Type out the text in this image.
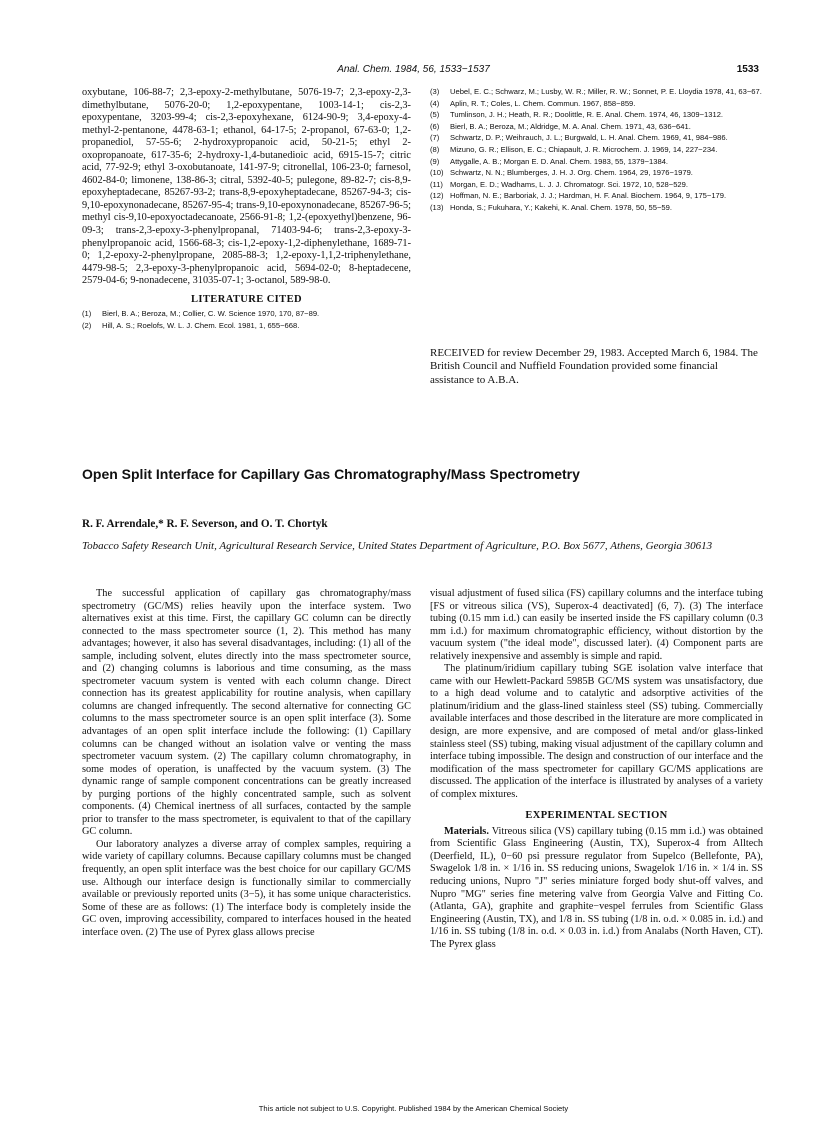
Anal. Chem. 1984, 56, 1533−1537	1533

oxybutane, 106-88-7; 2,3-epoxy-2-methylbutane, 5076-19-7; 2,3-epoxy-2,3-dimethylbutane, 5076-20-0; 1,2-epoxypentane, 1003-14-1; cis-2,3-epoxypentane, 3203-99-4; cis-2,3-epoxyhexane, 6124-90-9; 3,4-epoxy-4-methyl-2-pentanone, 4478-63-1; ethanol, 64-17-5; 2-propanol, 67-63-0; 1,2-propanediol, 57-55-6; 2-hydroxypropanoic acid, 50-21-5; ethyl 2-oxopropanoate, 617-35-6; 2-hydroxy-1,4-butanedioic acid, 6915-15-7; citric acid, 77-92-9; ethyl 3-oxobutanoate, 141-97-9; citronellal, 106-23-0; farnesol, 4602-84-0; limonene, 138-86-3; citral, 5392-40-5; pulegone, 89-82-7; cis-8,9-epoxyheptadecane, 85267-93-2; trans-8,9-epoxyheptadecane, 85267-94-3; cis-9,10-epoxynonadecane, 85267-95-4; trans-9,10-epoxynonadecane, 85267-96-5; methyl cis-9,10-epoxyoctadecanoate, 2566-91-8; 1,2-(epoxyethyl)benzene, 96-09-3; trans-2,3-epoxy-3-phenylpropanal, 71403-94-6; trans-2,3-epoxy-3-phenylpropanoic acid, 1566-68-3; cis-1,2-epoxy-1,2-diphenylethane, 1689-71-0; 1,2-epoxy-2-phenylpropane, 2085-88-3; 1,2-epoxy-1,1,2-triphenylethane, 4479-98-5; 2,3-epoxy-3-phenylpropanoic acid, 5694-02-0; 8-heptadecene, 2579-04-6; 9-nonadecene, 31035-07-1; 3-octanol, 589-98-0.

LITERATURE CITED
(1)	Bierl, B. A.; Beroza, M.; Collier, C. W. Science 1970, 170, 87−89.
(2)	Hill, A. S.; Roelofs, W. L. J. Chem. Ecol. 1981, 1, 655−668.
(3)	Uebel, E. C.; Schwarz, M.; Lusby, W. R.; Miller, R. W.; Sonnet, P. E. Lloydia 1978, 41, 63−67.
(4)	Aplin, R. T.; Coles, L. Chem. Commun. 1967, 858−859.
(5)	Tumlinson, J. H.; Heath, R. R.; Doolittle, R. E. Anal. Chem. 1974, 46, 1309−1312.
(6)	Bierl, B. A.; Beroza, M.; Aldridge, M. A. Anal. Chem. 1971, 43, 636−641.
(7)	Schwartz, D. P.; Weihrauch, J. L.; Burgwald, L. H. Anal. Chem. 1969, 41, 984−986.
(8)	Mizuno, G. R.; Ellison, E. C.; Chiapault, J. R. Microchem. J. 1969, 14, 227−234.
(9)	Attygalle, A. B.; Morgan E. D. Anal. Chem. 1983, 55, 1379−1384.
(10) Schwartz, N. N.; Blumberges, J. H. J. Org. Chem. 1964, 29, 1976−1979.
(11) Morgan, E. D.; Wadhams, L. J. J. Chromatogr. Sci. 1972, 10, 528−529.
(12) Hoffman, N. E.; Barboriak, J. J.; Hardman, H. F. Anal. Biochem. 1964, 9, 175−179.
(13) Honda, S.; Fukuhara, Y.; Kakehi, K. Anal. Chem. 1978, 50, 55−59.

RECEIVED for review December 29, 1983. Accepted March 6, 1984. The British Council and Nuffield Foundation provided some financial assistance to A.B.A.

Open Split Interface for Capillary Gas Chromatography/Mass Spectrometry
R. F. Arrendale,* R. F. Severson, and O. T. Chortyk
Tobacco Safety Research Unit, Agricultural Research Service, United States Department of Agriculture, P.O. Box 5677, Athens, Georgia 30613

The successful application of capillary gas chromatography/mass spectrometry (GC/MS) relies heavily upon the interface system. Two alternatives exist at this time. First, the capillary GC column can be directly connected to the mass spectrometer source (1, 2). This method has many advantages; however, it also has several disadvantages, including: (1) all of the sample, including solvent, elutes directly into the mass spectrometer source, and (2) changing columns is laborious and time consuming, as the mass spectrometer vacuum system is vented with each column change. Direct connection has its greatest applicability for routine analysis, when capillary columns are changed infrequently. The second alternative for connecting GC columns to the mass spectrometer source is an open split interface (3). Some advantages of an open split interface include the following: (1) Capillary columns can be changed without an isolation valve or venting the mass spectrometer vacuum system. (2) The capillary column chromatography, in some modes of operation, is unaffected by the vacuum system. (3) The dynamic range of sample component concentrations can be greatly increased by purging portions of the highly concentrated sample, such as solvent components. (4) Chemical inertness of all surfaces, contacted by the sample prior to transfer to the mass spectrometer, is equivalent to that of the capillary GC column.

Our laboratory analyzes a diverse array of complex samples, requiring a wide variety of capillary columns. Because capillary columns must be changed frequently, an open split interface was the best choice for our capillary GC/MS use. Although our interface design is functionally similar to commercially available or previously reported units (3−5), it has some unique characteristics. Some of these are as follows: (1) The interface body is completely inside the GC oven, improving accessibility, compared to interfaces housed in the heated interface oven. (2) The use of Pyrex glass allows precise

visual adjustment of fused silica (FS) capillary columns and the interface tubing [FS or vitreous silica (VS), Superox-4 deactivated] (6, 7). (3) The interface tubing (0.15 mm i.d.) can easily be inserted inside the FS capillary column (0.3 mm i.d.) for maximum chromatographic efficiency, without distortion by the vacuum system ("the ideal mode", discussed later). (4) Component parts are relatively inexpensive and assembly is simple and rapid.

The platinum/iridium capillary tubing SGE isolation valve interface that came with our Hewlett-Packard 5985B GC/MS system was unsatisfactory, due to a high dead volume and to catalytic and adsorptive activities of the platinum/iridium and the glass-lined stainless steel (SS) tubing. Commercially available interfaces and those described in the literature are more complicated in design, are more expensive, and are composed of metal and/or glass-linked stainless steel (SS) tubing, making visual adjustment of the capillary column and interface tubing impossible. The design and construction of our interface and the modification of the mass spectrometer for capillary GC/MS applications are discussed. The application of the interface is illustrated by analyses of a variety of complex mixtures.

EXPERIMENTAL SECTION

Materials. Vitreous silica (VS) capillary tubing (0.15 mm i.d.) was obtained from Scientific Glass Engineering (Austin, TX), Superox-4 from Alltech (Deerfield, IL), 0−60 psi pressure regulator from Supelco (Bellefonte, PA), Swagelok 1/8 in. × 1/16 in. SS reducing unions, Swagelok 1/16 in. × 1/4 in. SS reducing unions, Nupro "J" series miniature forged body shut-off valves, and Nupro "MG" series fine metering valve from Georgia Valve and Fitting Co. (Atlanta, GA), graphite and graphite−vespel ferrules from Scientific Glass Engineering (Austin, TX), and 1/8 in. SS tubing (1/8 in. o.d. × 0.085 in. i.d.) and 1/16 in. SS tubing (1/8 in. o.d. × 0.03 in. i.d.) from Analabs (North Haven, CT). The Pyrex glass

This article not subject to U.S. Copyright. Published 1984 by the American Chemical Society
